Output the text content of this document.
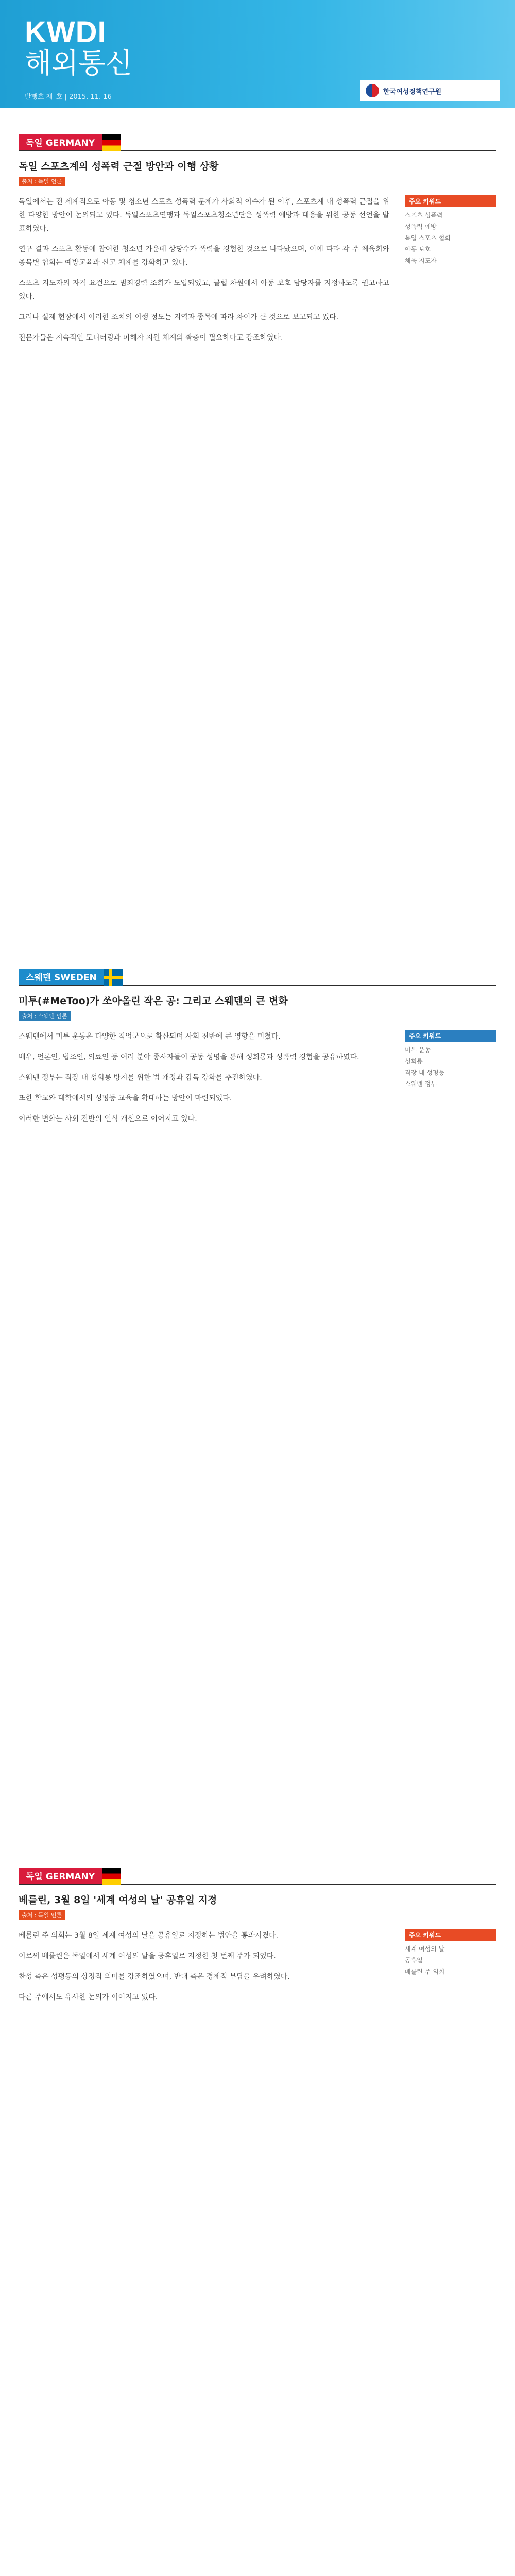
KWDI
해외통신
발행호 제_호 | 2015. 11. 16
한국여성정책연구원
독일 GERMANY
독일 스포츠계의 성폭력 근절 방안과 이행 상황
출처 : 독일 언론

독일에서는 전 세계적으로 아동 및 청소년 스포츠 성폭력 문제가 사회적 이슈가 된 이후, 스포츠계 내 성폭력 근절을 위한 다양한 방안이 논의되고 있다. 독일스포츠연맹과 독일스포츠청소년단은 성폭력 예방과 대응을 위한 공동 선언을 발표하였다.

연구 결과 스포츠 활동에 참여한 청소년 가운데 상당수가 폭력을 경험한 것으로 나타났으며, 이에 따라 각 주 체육회와 종목별 협회는 예방교육과 신고 체계를 강화하고 있다.

스포츠 지도자의 자격 요건으로 범죄경력 조회가 도입되었고, 클럽 차원에서 아동 보호 담당자를 지정하도록 권고하고 있다.

그러나 실제 현장에서 이러한 조치의 이행 정도는 지역과 종목에 따라 차이가 큰 것으로 보고되고 있다.

전문가들은 지속적인 모니터링과 피해자 지원 체계의 확충이 필요하다고 강조하였다.

주요 키워드
스포츠 성폭력
성폭력 예방
독일 스포츠 협회
아동 보호
체육 지도자
스웨덴 SWEDEN
미투(#MeToo)가 쏘아올린 작은 공: 그리고 스웨덴의 큰 변화
출처 : 스웨덴 언론

스웨덴에서 미투 운동은 다양한 직업군으로 확산되며 사회 전반에 큰 영향을 미쳤다.

배우, 언론인, 법조인, 의료인 등 여러 분야 종사자들이 공동 성명을 통해 성희롱과 성폭력 경험을 공유하였다.

스웨덴 정부는 직장 내 성희롱 방지를 위한 법 개정과 감독 강화를 추진하였다.

또한 학교와 대학에서의 성평등 교육을 확대하는 방안이 마련되었다.

이러한 변화는 사회 전반의 인식 개선으로 이어지고 있다.

주요 키워드
미투 운동
성희롱
직장 내 성평등
스웨덴 정부
독일 GERMANY
베를린, 3월 8일 '세계 여성의 날' 공휴일 지정
출처 : 독일 언론

베를린 주 의회는 3월 8일 세계 여성의 날을 공휴일로 지정하는 법안을 통과시켰다.

이로써 베를린은 독일에서 세계 여성의 날을 공휴일로 지정한 첫 번째 주가 되었다.

찬성 측은 성평등의 상징적 의미를 강조하였으며, 반대 측은 경제적 부담을 우려하였다.

다른 주에서도 유사한 논의가 이어지고 있다.

주요 키워드
세계 여성의 날
공휴일
베를린 주 의회
